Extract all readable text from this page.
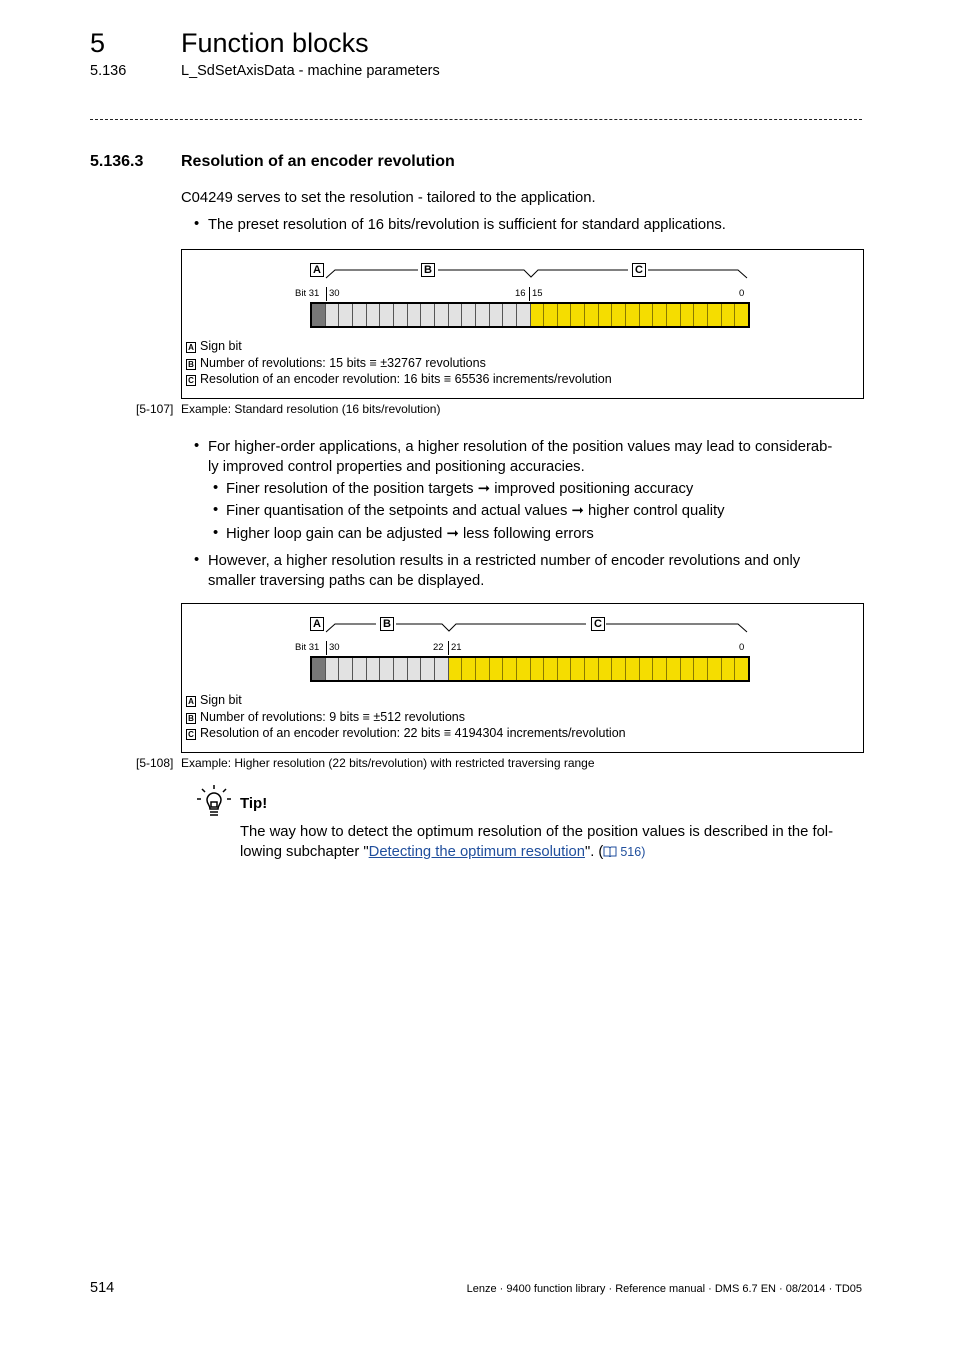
5	Function blocks
5.136	L_SdSetAxisData - machine parameters
5.136.3 Resolution of an encoder revolution
C04249 serves to set the resolution - tailored to the application.
• The preset resolution of 16 bits/revolution is sufficient for standard applications.
A	B	C
Bit 31 30	16 15	0
A Sign bit
B Number of revolutions: 15 bits ≡ ±32767 revolutions
C Resolution of an encoder revolution: 16 bits ≡ 65536 increments/revolution
[5-107] Example: Standard resolution (16 bits/revolution)
• For higher-order applications, a higher resolution of the position values may lead to considerab-
ly improved control properties and positioning accuracies.
• Finer resolution of the position targets ➞ improved positioning accuracy
• Finer quantisation of the setpoints and actual values ➞ higher control quality
• Higher loop gain can be adjusted ➞ less following errors
• However, a higher resolution results in a restricted number of encoder revolutions and only
smaller traversing paths can be displayed.
A	B	C
Bit 31 30	22 21	0
A Sign bit
B Number of revolutions: 9 bits ≡ ±512 revolutions
C Resolution of an encoder revolution: 22 bits ≡ 4194304 increments/revolution
[5-108] Example: Higher resolution (22 bits/revolution) with restricted traversing range
Tip!
The way how to detect the optimum resolution of the position values is described in the fol-
lowing subchapter "Detecting the optimum resolution". ( 516)
514	Lenze · 9400 function library · Reference manual · DMS 6.7 EN · 08/2014 · TD05
